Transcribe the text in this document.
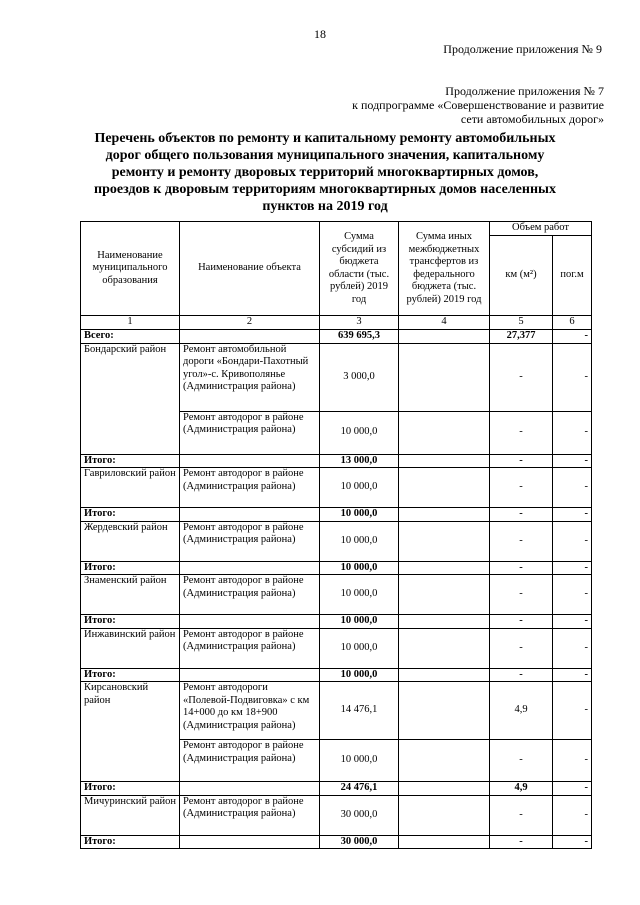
18
Продолжение приложения № 9
Продолжение приложения № 7
к подпрограмме «Совершенствование и развитие
сети автомобильных дорог»
Перечень объектов по ремонту и капитальному ремонту автомобильных
дорог общего пользования муниципального значения, капитальному
ремонту и ремонту дворовых территорий многоквартирных домов,
проездов к дворовым территориям многоквартирных домов населенных
пунктов на 2019 год
Наименование муниципального образования	Наименование объекта	Сумма субсидий из бюджета области (тыс. рублей) 2019 год	Сумма иных межбюджетных трансфертов из федерального бюджета (тыс. рублей) 2019 год	Объем работ	
				км (м²)	пог.м
1	2	3	4	5	6
Всего:		639 695,3		27,377	-
Бондарский район	Ремонт автомобильной дороги «Бондари-Пахотный угол»-с. Кривополянье (Администрация района)	3 000,0		-	-
	Ремонт автодорог в районе (Администрация района)	10 000,0		-	-
Итого:		13 000,0		-	-
Гавриловский район	Ремонт автодорог в районе (Администрация района)	10 000,0		-	-
Итого:		10 000,0		-	-
Жердевский район	Ремонт автодорог в районе (Администрация района)	10 000,0		-	-
Итого:		10 000,0		-	-
Знаменский район	Ремонт автодорог в районе (Администрация района)	10 000,0		-	-
Итого:		10 000,0		-	-
Инжавинский район	Ремонт автодорог в районе (Администрация района)	10 000,0		-	-
Итого:		10 000,0		-	-
Кирсановский район	Ремонт автодороги «Полевой-Подвиговка» с км 14+000 до км 18+900 (Администрация района)	14 476,1		4,9	-
	Ремонт автодорог в районе (Администрация района)	10 000,0		-	-
Итого:		24 476,1		4,9	-
Мичуринский район	Ремонт автодорог в районе (Администрация района)	30 000,0		-	-
Итого:		30 000,0		-	-
